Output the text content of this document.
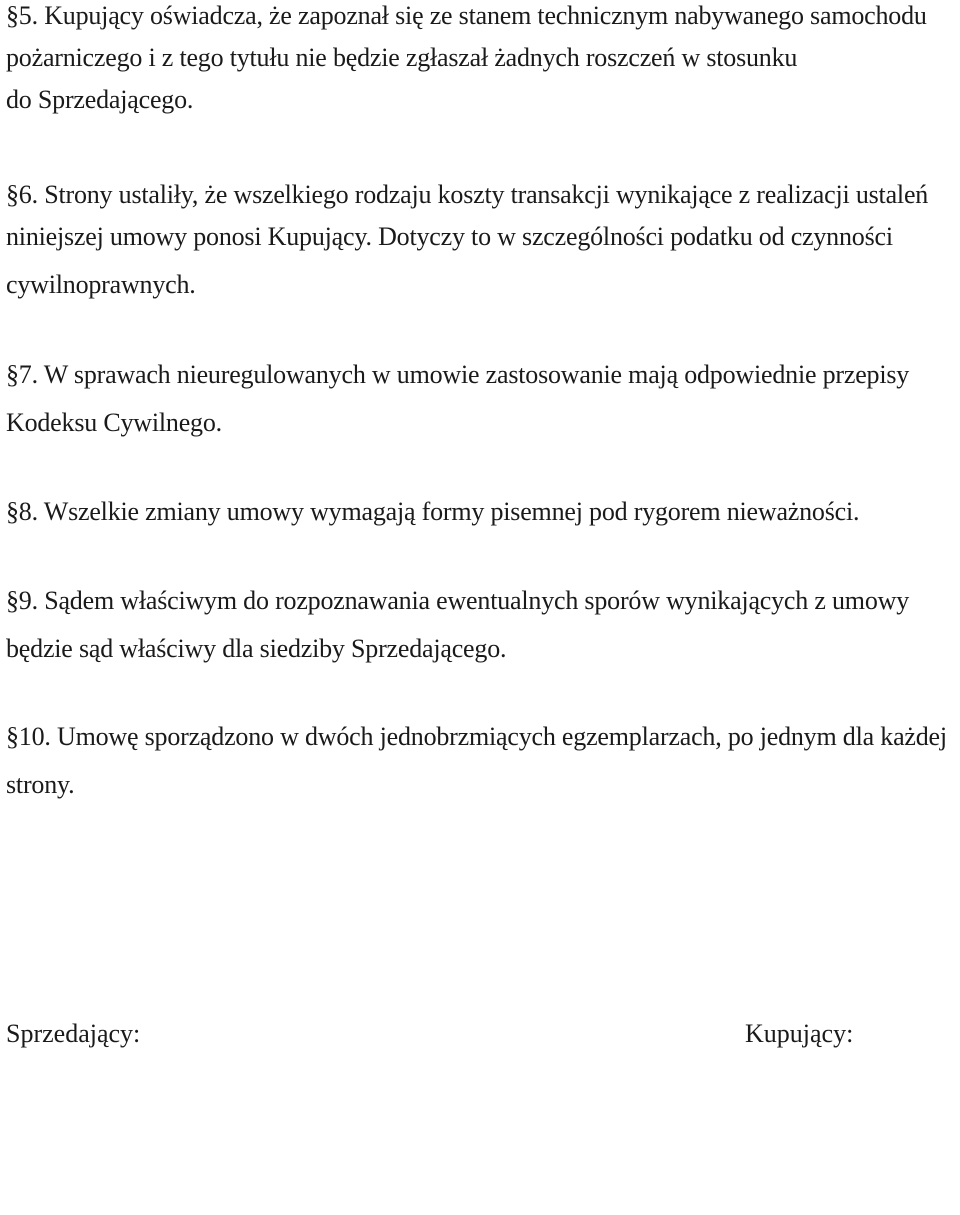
§5. Kupujący oświadcza, że zapoznał się ze stanem technicznym nabywanego samochodu
pożarniczego i z tego tytułu nie będzie zgłaszał żadnych roszczeń w stosunku
do Sprzedającego.
§6. Strony ustaliły, że wszelkiego rodzaju koszty transakcji wynikające z realizacji ustaleń
niniejszej umowy ponosi Kupujący. Dotyczy to w szczególności podatku od czynności
cywilnoprawnych.
§7. W sprawach nieuregulowanych w umowie zastosowanie mają odpowiednie przepisy
Kodeksu Cywilnego.
§8. Wszelkie zmiany umowy wymagają formy pisemnej pod rygorem nieważności.
§9. Sądem właściwym do rozpoznawania ewentualnych sporów wynikających z umowy
będzie sąd właściwy dla siedziby Sprzedającego.
§10. Umowę sporządzono w dwóch jednobrzmiących egzemplarzach, po jednym dla każdej
strony.
Sprzedający:	Kupujący:
